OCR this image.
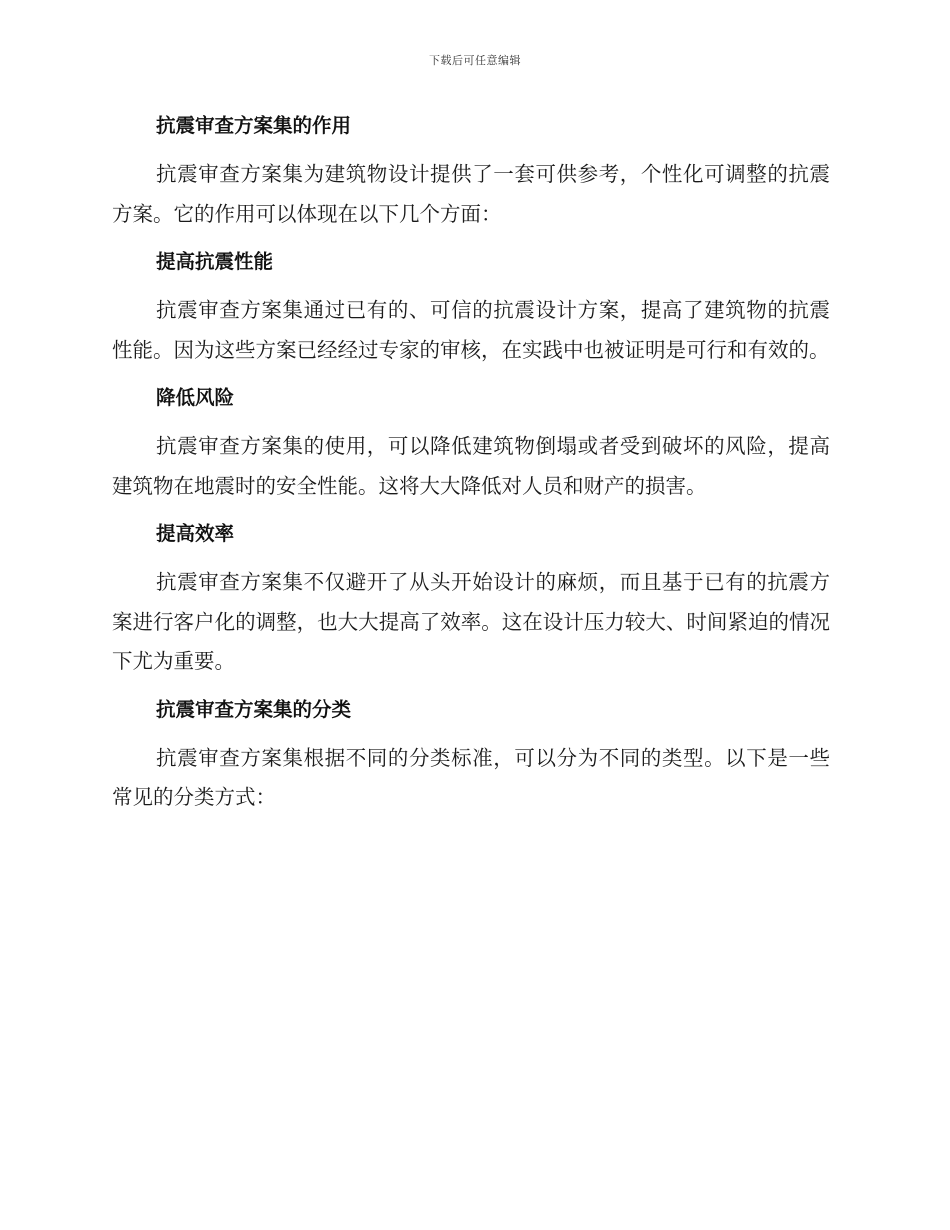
下载后可任意编辑
抗震审查方案集的作用

抗震审查方案集为建筑物设计提供了一套可供参考，个性化可调整的抗震方案。它的作用可以体现在以下几个方面：

提高抗震性能

抗震审查方案集通过已有的、可信的抗震设计方案，提高了建筑物的抗震性能。因为这些方案已经经过专家的审核，在实践中也被证明是可行和有效的。

降低风险

抗震审查方案集的使用，可以降低建筑物倒塌或者受到破坏的风险，提高建筑物在地震时的安全性能。这将大大降低对人员和财产的损害。

提高效率

抗震审查方案集不仅避开了从头开始设计的麻烦，而且基于已有的抗震方案进行客户化的调整，也大大提高了效率。这在设计压力较大、时间紧迫的情况下尤为重要。

抗震审查方案集的分类

抗震审查方案集根据不同的分类标准，可以分为不同的类型。以下是一些常见的分类方式：
